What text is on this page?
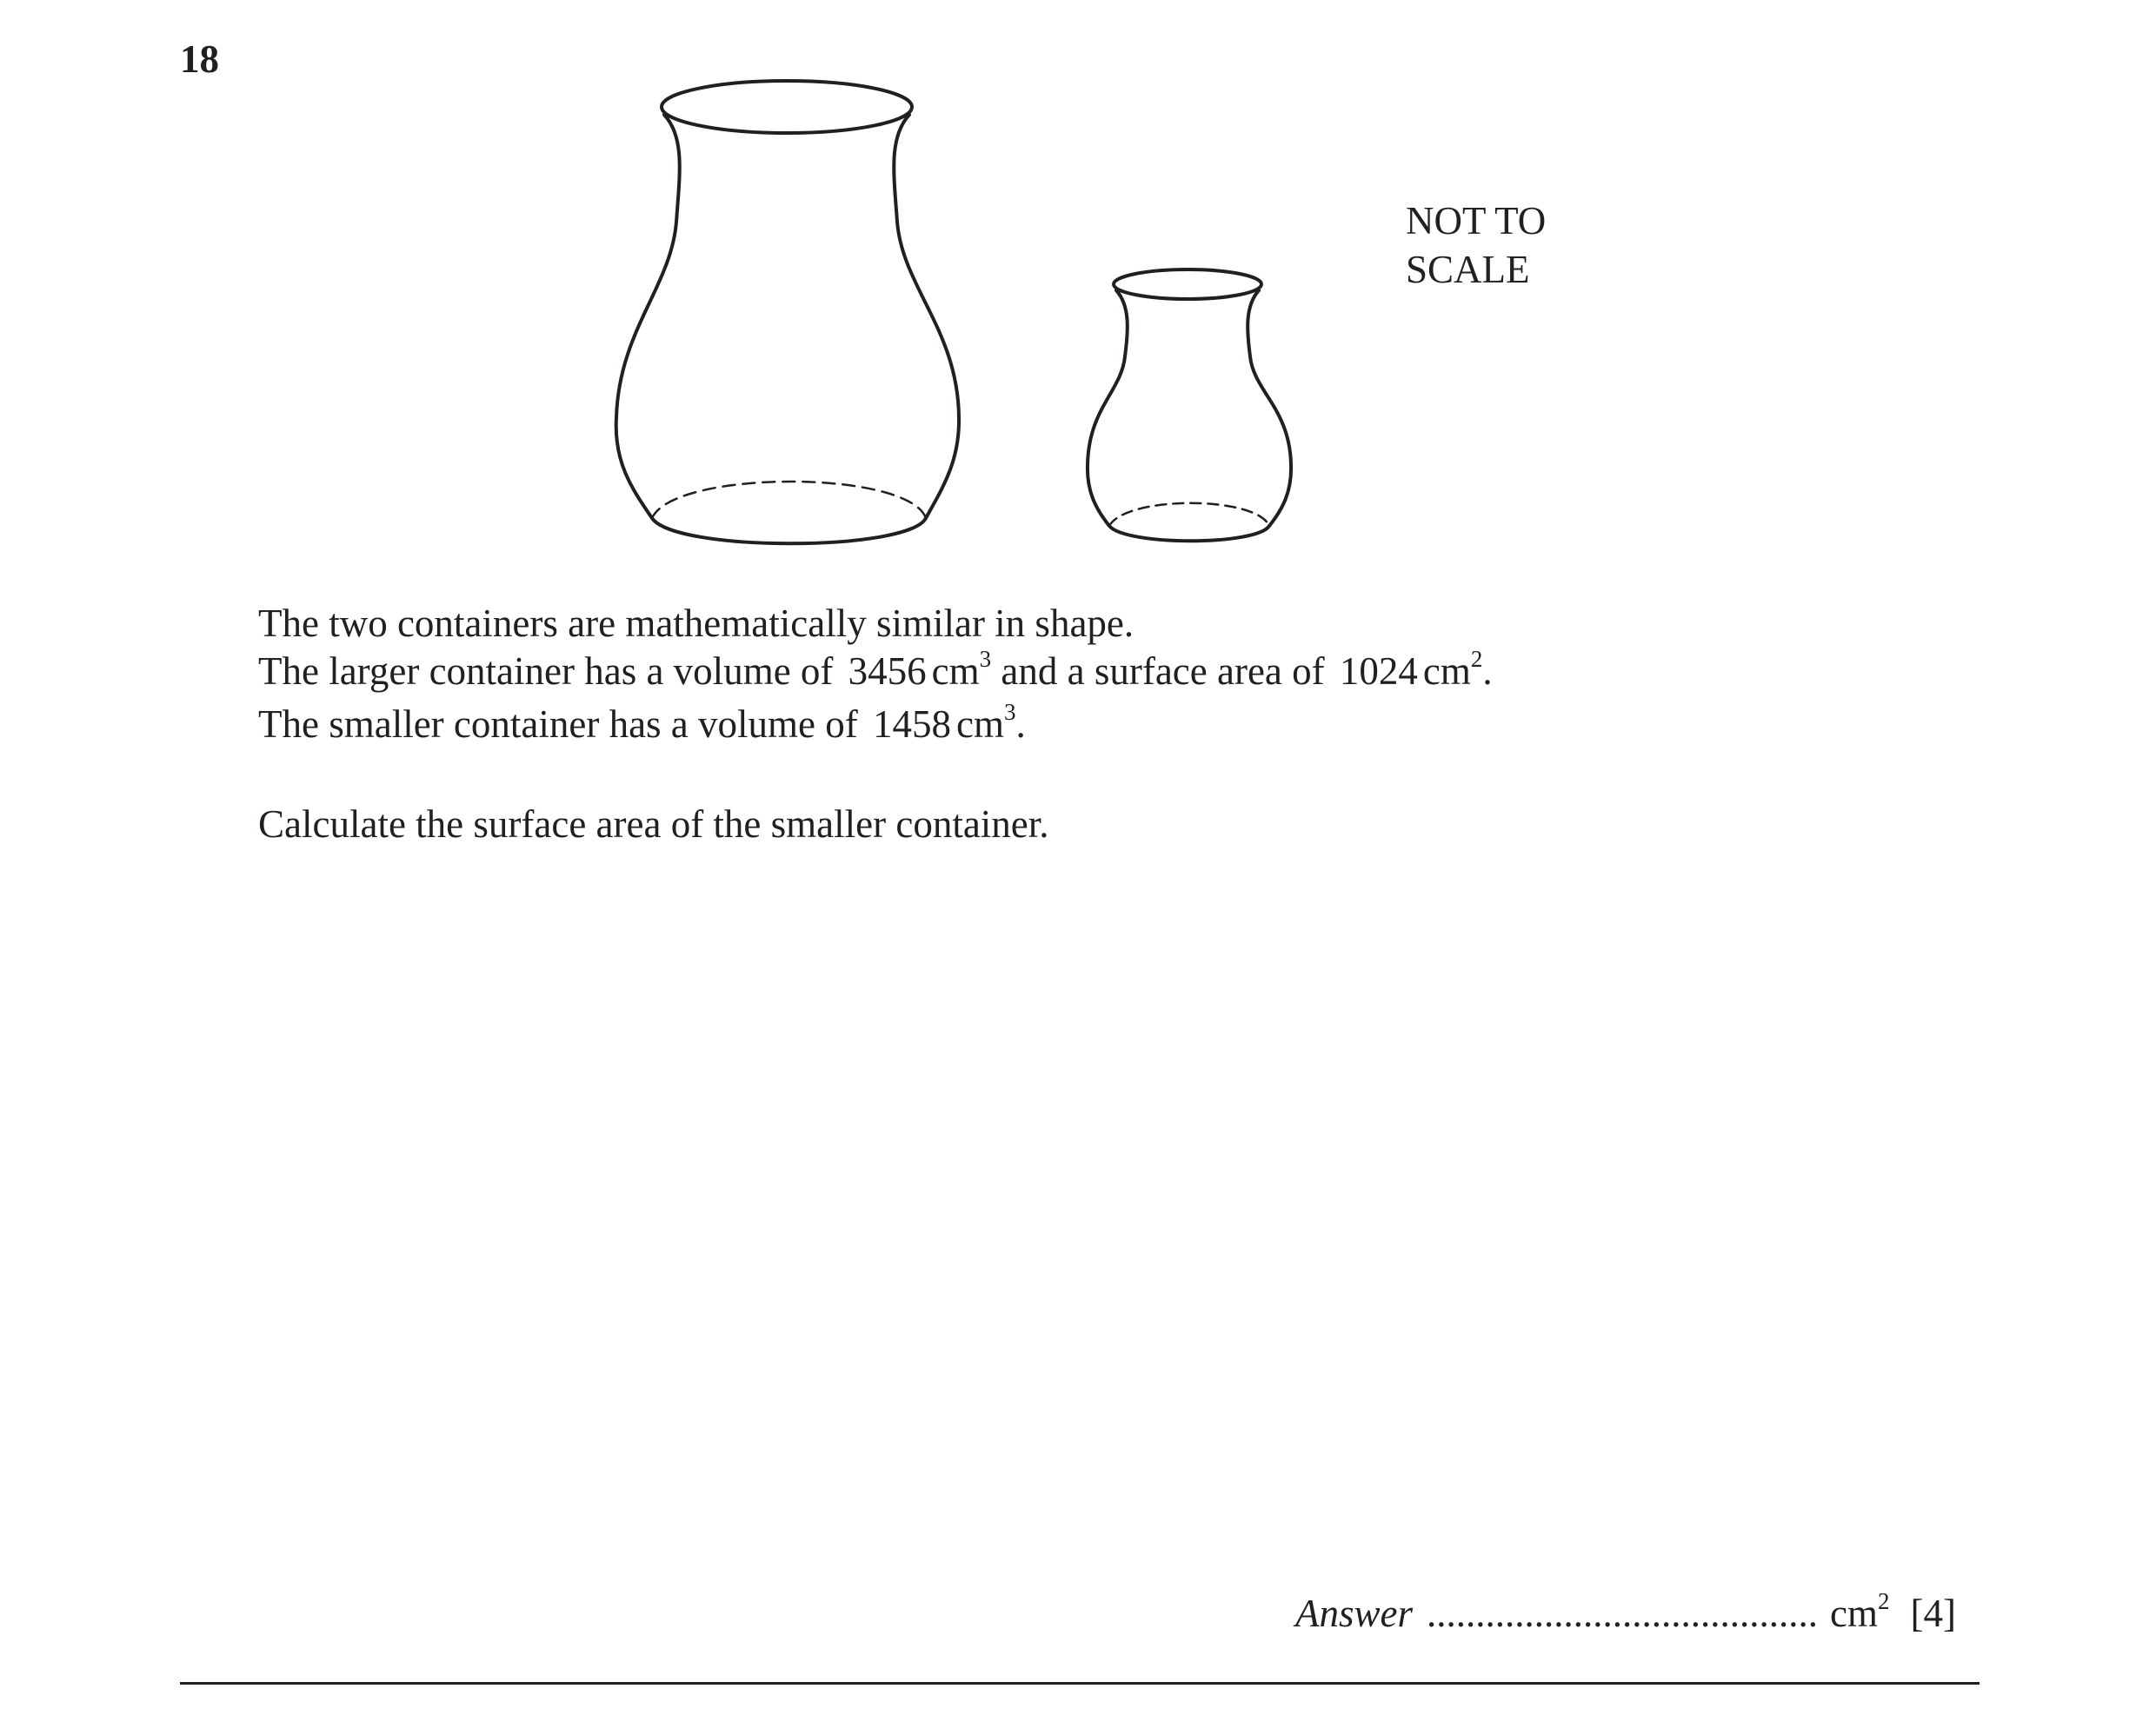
18
NOT TO
SCALE

The two containers are mathematically similar in shape.

The larger container has a volume of 3456 $cm^3$ and a surface area of 1024 $cm^2$.

The smaller container has a volume of 1458 $cm^3$.

Calculate the surface area of the smaller container.

Answer ........................................ $cm^2$ [4]
